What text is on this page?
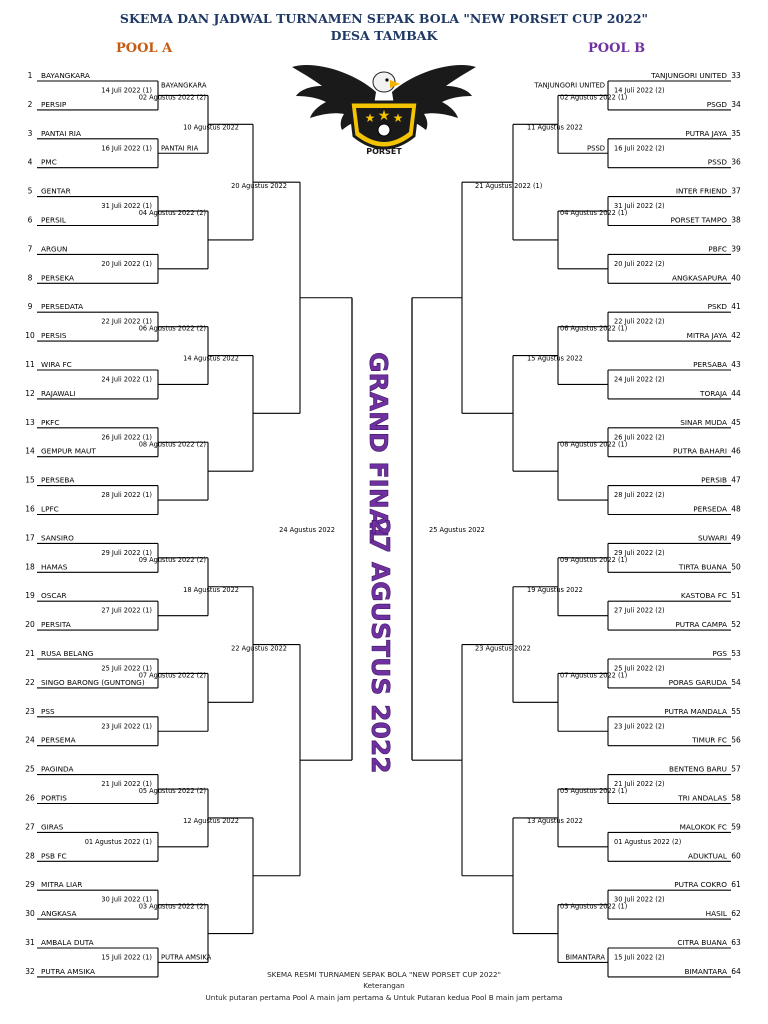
SKEMA DAN JADWAL TURNAMEN SEPAK BOLA "NEW PORSET CUP 2022"
DESA TAMBAK
POOL A	POOL B
★ ★ ★
PORSET
BAYANGKARA
1
PERSIP
2
PANTAI RIA
3
PMC
4
GENTAR
5
PERSIL
6
ARGUN
7
PERSEKA
8
PERSEDATA
9
PERSIS
10
WIRA FC
11
RAJAWALI
12
PKFC
13
GEMPUR MAUT
14
PERSEBA
15
LPFC
16
SANSIRO
17
HAMAS
18
OSCAR
19
PERSITA
20
RUSA BELANG
21
SINGO BARONG (GUNTONG)
22
PSS
23
PERSEMA
24
PAGINDA
25
PORTIS
26
GIRAS
27
PSB FC
28
MITRA LIAR
29
ANGKASA
30
AMBALA DUTA
31
PUTRA AMSIKA
32
14 Juli 2022 (1)
BAYANGKARA
16 Juli 2022 (1) PANTAI RIA
31 Juli 2022 (1)
20 Juli 2022 (1)
22 Juli 2022 (1)
24 Juli 2022 (1)
26 Juli 2022 (1)
28 Juli 2022 (1)
29 Juli 2022 (1)
27 Juli 2022 (1)
25 Juli 2022 (1)
23 Juli 2022 (1)
21 Juli 2022 (1)
01 Agustus 2022 (1)
30 Juli 2022 (1)
15 Juli 2022 (1) PUTRA AMSIKA
02 Agustus 2022 (2)
04 Agustus 2022 (2)
06 Agustus 2022 (2)
08 Agustus 2022 (2)
09 Agustus 2022 (2)
07 Agustus 2022 (2)
05 Agustus 2022 (2)
03 Agustus 2022 (2)
10 Agustus 2022
14 Agustus 2022
18 Agustus 2022
12 Agustus 2022
20 Agustus 2022
22 Agustus 2022
24 Agustus 2022
TANJUNGORI UNITED 33
PSGD 34
PUTRA JAYA 35
PSSD 36
INTER FRIEND 37
PORSET TAMPO 38
PBFC 39
ANGKASAPURA 40
PSKD 41
MITRA JAYA 42
PERSABA 43
TORAJA 44
SINAR MUDA 45
PUTRA BAHARI 46
PERSIB 47
PERSEDA 48
SUWARI 49
TIRTA BUANA 50
KASTOBA FC 51
PUTRA CAMPA 52
PGS 53
PORAS GARUDA 54
PUTRA MANDALA 55
TIMUR FC 56
BENTENG BARU 57
TRI ANDALAS 58
MALOKOK FC 59
ADUKTUAL 60
PUTRA COKRO 61
HASIL 62
CITRA BUANA 63
BIMANTARA 64
14 Juli 2022 (2)
TANJUNGORI UNITED
16 Juli 2022 (2)
PSSD
31 Juli 2022 (2)
20 Juli 2022 (2)
22 Juli 2022 (2)
24 Juli 2022 (2)
26 Juli 2022 (2)
28 Juli 2022 (2)
29 Juli 2022 (2)
27 Juli 2022 (2)
25 Juli 2022 (2)
23 Juli 2022 (2)
21 Juli 2022 (2)
01 Agustus 2022 (2)
30 Juli 2022 (2)
15 Juli 2022 (2)
BIMANTARA
02 Agustus 2022 (1)
04 Agustus 2022 (1)
06 Agustus 2022 (1)
08 Agustus 2022 (1)
09 Agustus 2022 (1)
07 Agustus 2022 (1)
05 Agustus 2022 (1)
03 Agustus 2022 (1)
11 Agustus 2022
15 Agustus 2022
19 Agustus 2022
13 Agustus 2022
21 Agustus 2022 (1)
23 Agustus 2022
25 Agustus 2022
GRAND FINAL
27 AGUSTUS 2022
SKEMA RESMI TURNAMEN SEPAK BOLA "NEW PORSET CUP 2022"
Keterangan
Untuk putaran pertama Pool A main jam pertama & Untuk Putaran kedua Pool B main jam pertama
